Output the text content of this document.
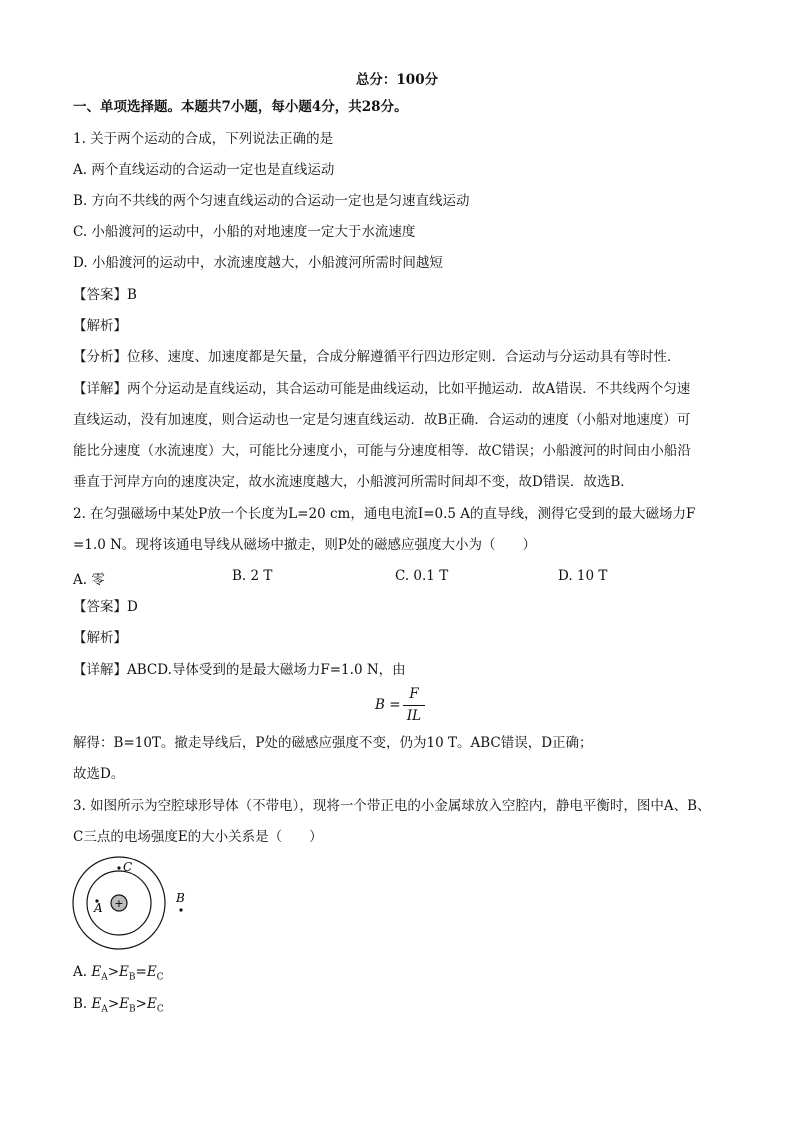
总分：100分
一、单项选择题。本题共7小题，每小题4分，共28分。
1. 关于两个运动的合成，下列说法正确的是
A. 两个直线运动的合运动一定也是直线运动
B. 方向不共线的两个匀速直线运动的合运动一定也是匀速直线运动
C. 小船渡河的运动中，小船的对地速度一定大于水流速度
D. 小船渡河的运动中，水流速度越大，小船渡河所需时间越短
【答案】B
【解析】
【分析】位移、速度、加速度都是矢量，合成分解遵循平行四边形定则．合运动与分运动具有等时性．
【详解】两个分运动是直线运动，其合运动可能是曲线运动，比如平抛运动．故A错误．不共线两个匀速
直线运动，没有加速度，则合运动也一定是匀速直线运动．故B正确．合运动的速度（小船对地速度）可
能比分速度（水流速度）大，可能比分速度小，可能与分速度相等．故C错误；小船渡河的时间由小船沿
垂直于河岸方向的速度决定，故水流速度越大，小船渡河所需时间却不变，故D错误．故选B．
2. 在匀强磁场中某处P放一个长度为L=20 cm，通电电流I=0.5 A的直导线，测得它受到的最大磁场力F
=1.0 N。现将该通电导线从磁场中撤走，则P处的磁感应强度大小为（　　）
A. 零	B. 2 T	C. 0.1 T	D. 10 T
【答案】D
【解析】
【详解】ABCD.导体受到的是最大磁场力F=1.0 N，由
B =
F
IL
解得：B=10T。撤走导线后，P处的磁感应强度不变，仍为10 T。ABC错误，D正确；
故选D。
3. 如图所示为空腔球形导体（不带电），现将一个带正电的小金属球放入空腔内，静电平衡时，图中A、B、
C三点的电场强度E的大小关系是（　　）
+
A
C
B
A. $E_A>E_B=E_C$
B. $E_A>E_B>E_C$
